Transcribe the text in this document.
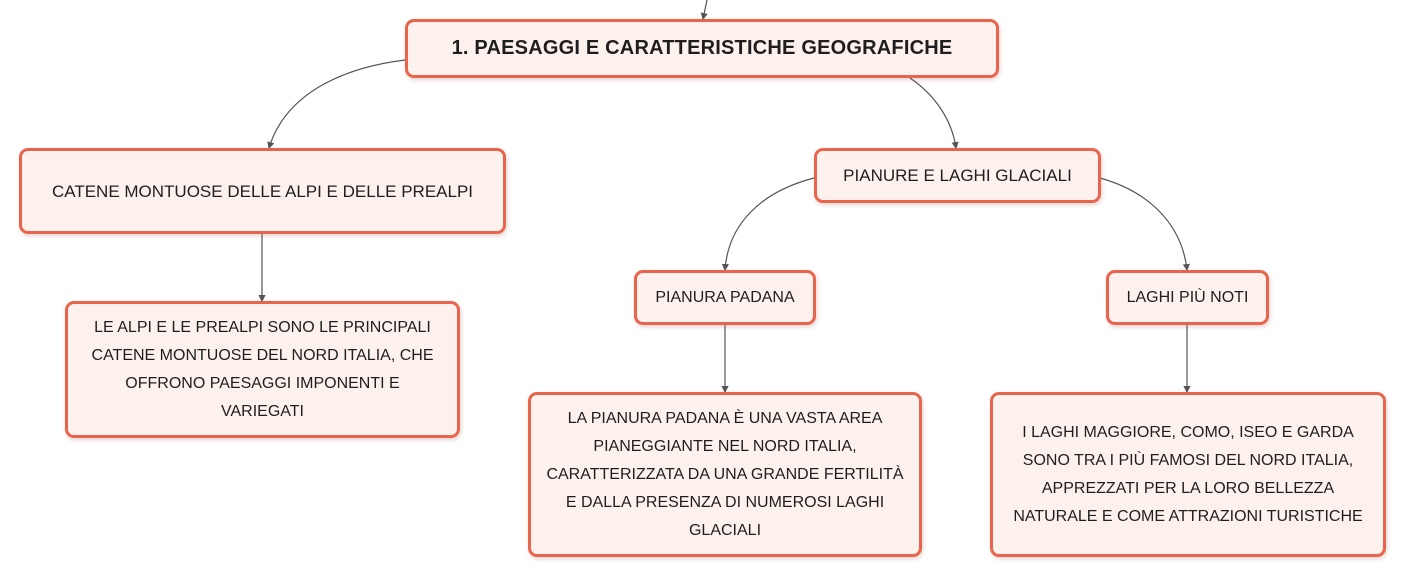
1. PAESAGGI E CARATTERISTICHE GEOGRAFICHE
CATENE MONTUOSE DELLE ALPI E DELLE PREALPI
LE ALPI E LE PREALPI SONO LE PRINCIPALI CATENE MONTUOSE DEL NORD ITALIA, CHE OFFRONO PAESAGGI IMPONENTI E VARIEGATI
PIANURE E LAGHI GLACIALI
PIANURA PADANA	LAGHI PIÙ NOTI
LA PIANURA PADANA È UNA VASTA AREA PIANEGGIANTE NEL NORD ITALIA, CARATTERIZZATA DA UNA GRANDE FERTILITÀ E DALLA PRESENZA DI NUMEROSI LAGHI GLACIALI
I LAGHI MAGGIORE, COMO, ISEO E GARDA SONO TRA I PIÙ FAMOSI DEL NORD ITALIA, APPREZZATI PER LA LORO BELLEZZA NATURALE E COME ATTRAZIONI TURISTICHE
